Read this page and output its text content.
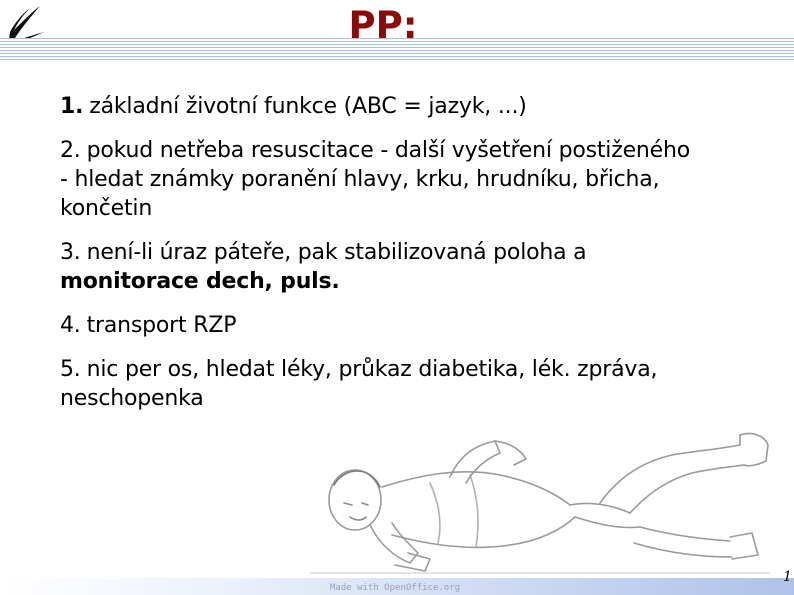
PP:
1. základní životní funkce (ABC = jazyk, ...)
2. pokud netřeba resuscitace - další vyšetření postiženého
- hledat známky poranění hlavy, krku, hrudníku, břicha,
končetin
3. není-li úraz páteře, pak stabilizovaná poloha a
monitorace dech, puls.
4. transport RZP
5. nic per os, hledat léky, průkaz diabetika, lék. zpráva,
neschopenka
Made with OpenOffice.org
1
